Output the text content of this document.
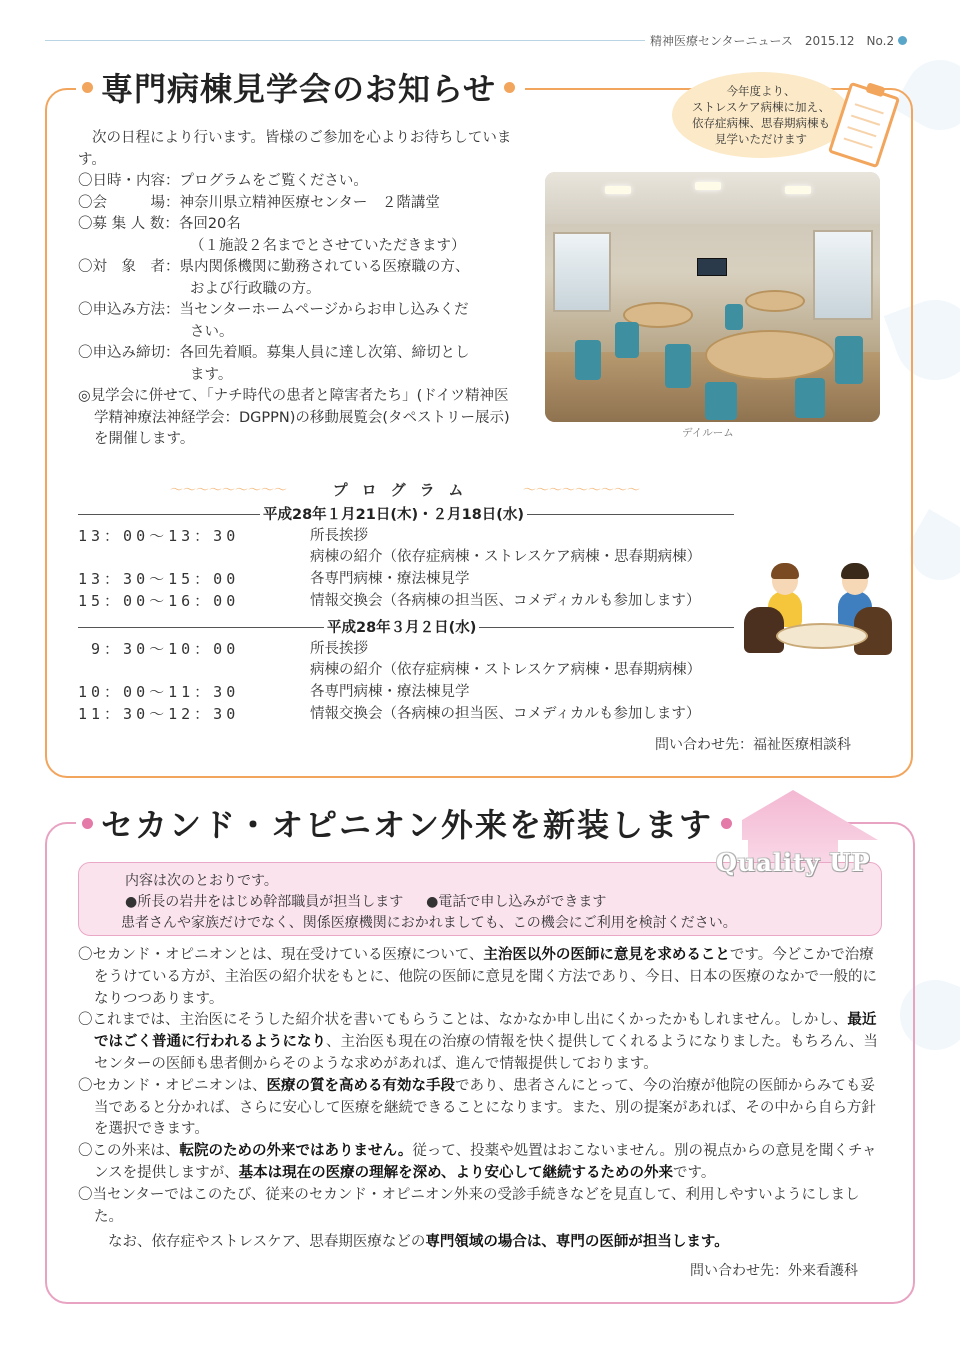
精神医療センターニュース　2015.12　No.2
専門病棟見学会のお知らせ	今年度より、
ストレスケア病棟に加え、
依存症病棟、思春期病棟も
見学いただけます

次の日程により行います。皆様のご参加を心よりお待ちしています。

〇日時・内容： プログラムをご覧ください。
〇会　　　場： 神奈川県立精神医療センター　２階講堂
〇募 集 人 数： 各回20名
（１施設２名までとさせていただきます）
〇対　象　者： 県内関係機関に勤務されている医療職の方、
および行政職の方。
〇申込み方法： 当センターホームページからお申し込みくだ
さい。
〇申込み締切： 各回先着順。募集人員に達し次第、締切とし
ます。

◎見学会に併せて、「ナチ時代の患者と障害者たち」(ドイツ精神医学精神療法神経学会：DGPPN)の移動展覧会(タペストリー展示)を開催します。	デイルーム
〜〜〜〜〜〜〜〜〜	プログラム	〜〜〜〜〜〜〜〜〜
平成28年１月21日(木)・２月18日(水)
13：00〜13：30	所長挨拶
病棟の紹介（依存症病棟・ストレスケア病棟・思春期病棟）
13：30〜15：00	各専門病棟・療法棟見学
15：00〜16：00	情報交換会（各病棟の担当医、コメディカルも参加します）
平成28年３月２日(水)
9：30〜10：00	所長挨拶
病棟の紹介（依存症病棟・ストレスケア病棟・思春期病棟）
10：00〜11：30	各専門病棟・療法棟見学
11：30〜12：30	情報交換会（各病棟の担当医、コメディカルも参加します）
問い合わせ先：福祉医療相談科
セカンド・オピニオン外来を新装します
内容は次のとおりです。
●所長の岩井をはじめ幹部職員が担当します ●電話で申し込みができます
患者さんや家族だけでなく、関係医療機関におかれましても、この機会にご利用を検討ください。
Quality UP

〇セカンド・オピニオンとは、現在受けている医療について、主治医以外の医師に意見を求めることです。今どこかで治療をうけている方が、主治医の紹介状をもとに、他院の医師に意見を聞く方法であり、今日、日本の医療のなかで一般的になりつつあります。

〇これまでは、主治医にそうした紹介状を書いてもらうことは、なかなか申し出にくかったかもしれません。しかし、最近ではごく普通に行われるようになり、主治医も現在の治療の情報を快く提供してくれるようになりました。もちろん、当センターの医師も患者側からそのような求めがあれば、進んで情報提供しております。

〇セカンド・オピニオンは、医療の質を高める有効な手段であり、患者さんにとって、今の治療が他院の医師からみても妥当であると分かれば、さらに安心して医療を継続できることになります。また、別の提案があれば、その中から自ら方針を選択できます。

〇この外来は、転院のための外来ではありません。従って、投薬や処置はおこないません。別の視点からの意見を聞くチャンスを提供しますが、基本は現在の医療の理解を深め、より安心して継続するための外来です。

〇当センターではこのたび、従来のセカンド・オピニオン外来の受診手続きなどを見直して、利用しやすいようにしました。

なお、依存症やストレスケア、思春期医療などの専門領域の場合は、専門の医師が担当します。

問い合わせ先：外来看護科
